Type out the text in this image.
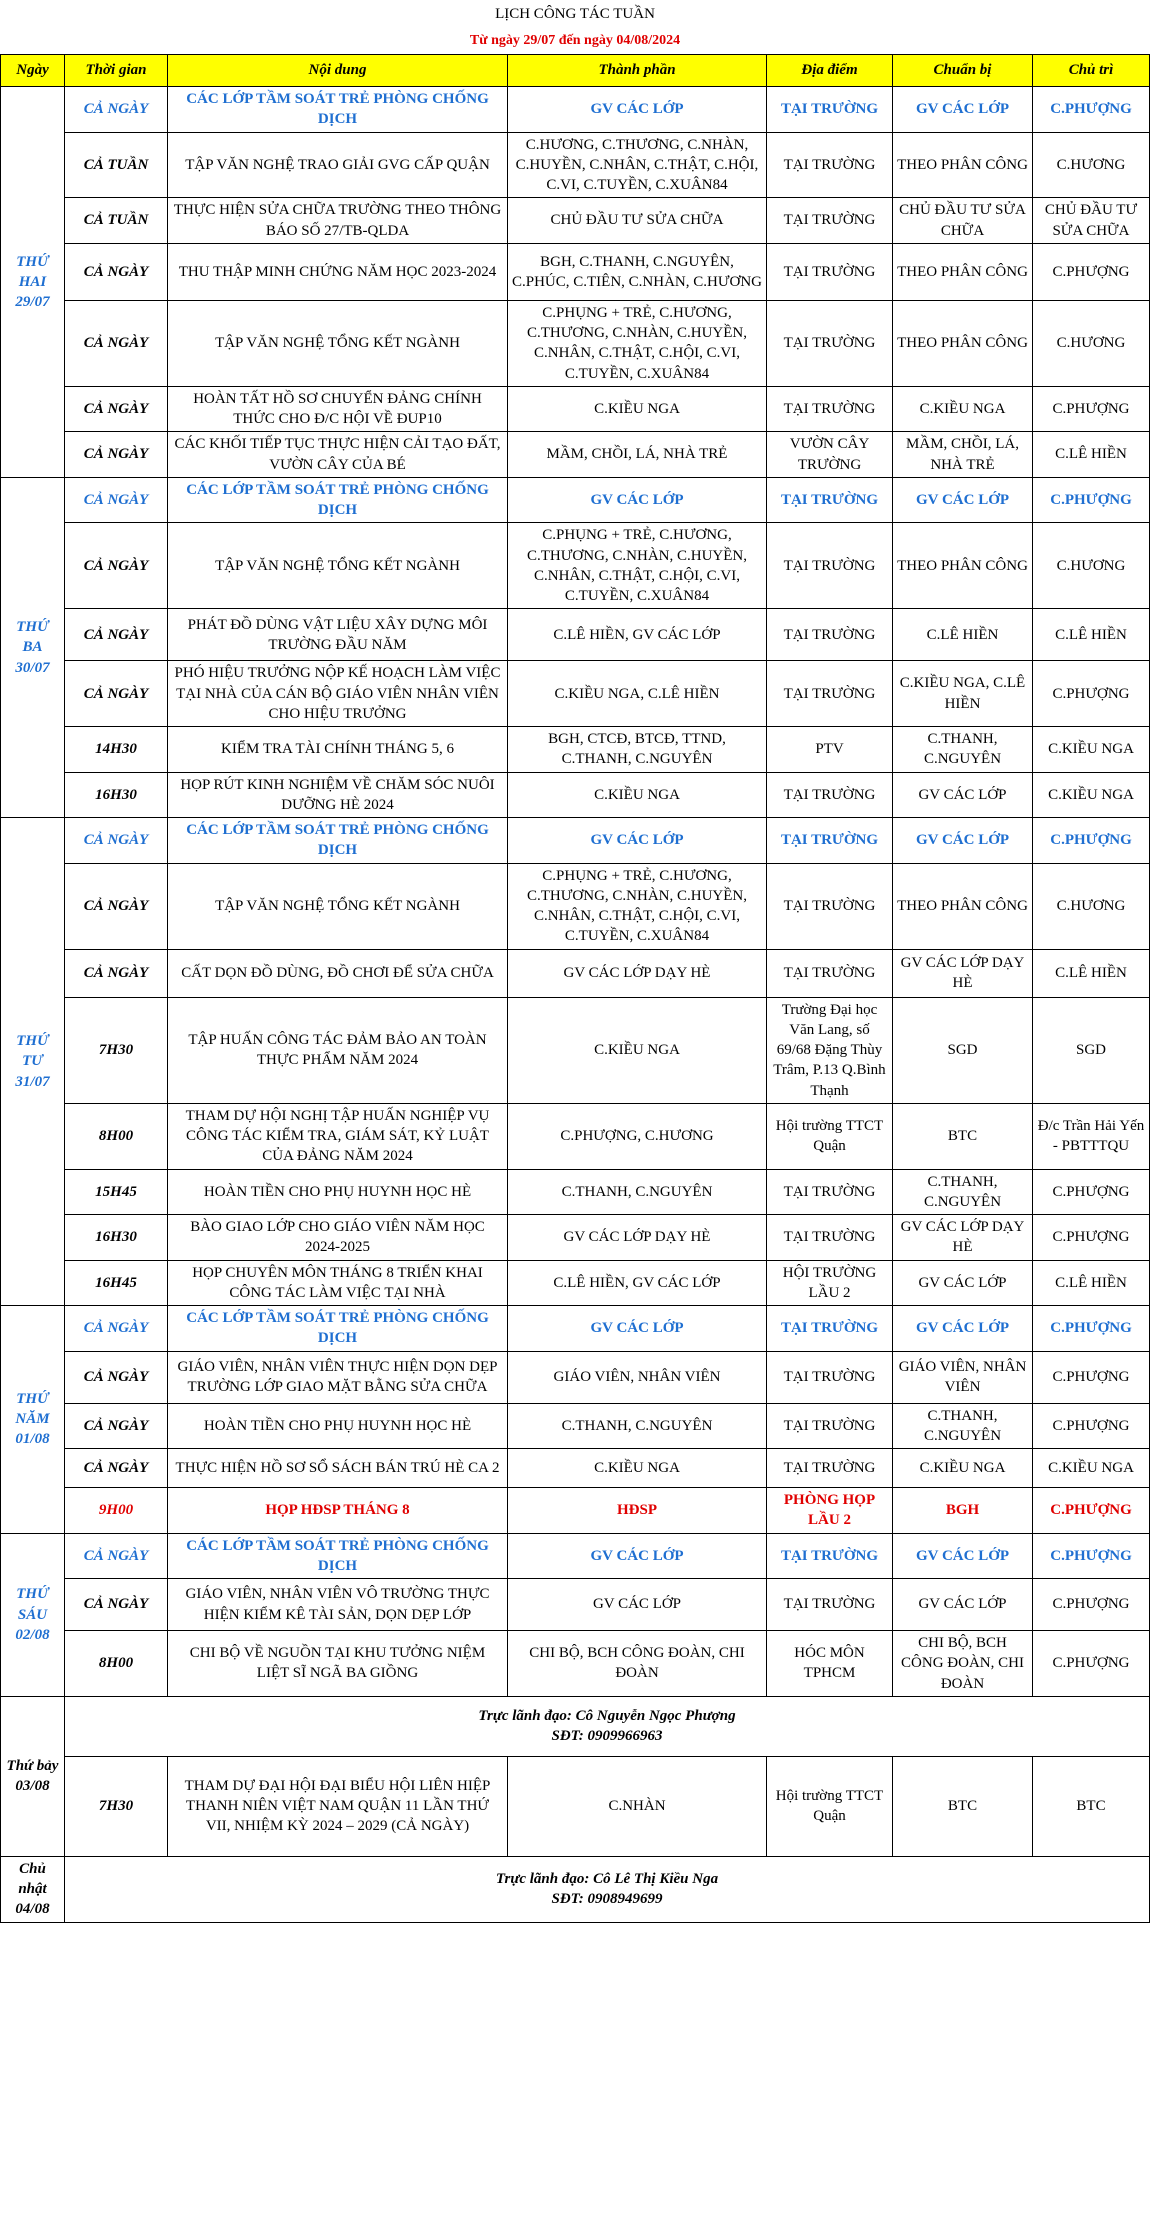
LỊCH CÔNG TÁC TUẦN
Từ ngày 29/07 đến ngày 04/08/2024
Ngày	Thời gian	Nội dung	Thành phần	Địa điểm	Chuẩn bị	Chủ trì
THỨ HAI 29/07	CẢ NGÀY	CÁC LỚP TẦM SOÁT TRẺ PHÒNG CHỐNG DỊCH	GV CÁC LỚP	TẠI TRƯỜNG	GV CÁC LỚP	C.PHƯỢNG
	CẢ TUẦN	TẬP VĂN NGHỆ TRAO GIẢI GVG CẤP QUẬN	C.HƯƠNG, C.THƯƠNG, C.NHÀN, C.HUYỀN, C.NHÂN, C.THẬT, C.HỘI, C.VI, C.TUYỀN, C.XUÂN84	TẠI TRƯỜNG	THEO PHÂN CÔNG	C.HƯƠNG
	CẢ TUẦN	THỰC HIỆN SỬA CHỮA TRƯỜNG THEO THÔNG BÁO SỐ 27/TB-QLDA	CHỦ ĐẦU TƯ SỬA CHỮA	TẠI TRƯỜNG	CHỦ ĐẦU TƯ SỬA CHỮA	CHỦ ĐẦU TƯ SỬA CHỮA
	CẢ NGÀY	THU THẬP MINH CHỨNG NĂM HỌC 2023-2024	BGH, C.THANH, C.NGUYÊN, C.PHÚC, C.TIÊN, C.NHÀN, C.HƯƠNG	TẠI TRƯỜNG	THEO PHÂN CÔNG	C.PHƯỢNG
	CẢ NGÀY	TẬP VĂN NGHỆ TỔNG KẾT NGÀNH	C.PHỤNG + TRẺ, C.HƯƠNG, C.THƯƠNG, C.NHÀN, C.HUYỀN, C.NHÂN, C.THẬT, C.HỘI, C.VI, C.TUYỀN, C.XUÂN84	TẠI TRƯỜNG	THEO PHÂN CÔNG	C.HƯƠNG
	CẢ NGÀY	HOÀN TẤT HỒ SƠ CHUYỂN ĐẢNG CHÍNH THỨC CHO Đ/C HỘI VỀ ĐUP10	C.KIỀU NGA	TẠI TRƯỜNG	C.KIỀU NGA	C.PHƯỢNG
	CẢ NGÀY	CÁC KHỐI TIẾP TỤC THỰC HIỆN CẢI TẠO ĐẤT, VƯỜN CÂY CỦA BÉ	MẦM, CHỒI, LÁ, NHÀ TRẺ	VƯỜN CÂY TRƯỜNG	MẦM, CHỒI, LÁ, NHÀ TRẺ	C.LÊ HIỀN
THỨ BA 30/07	CẢ NGÀY	CÁC LỚP TẦM SOÁT TRẺ PHÒNG CHỐNG DỊCH	GV CÁC LỚP	TẠI TRƯỜNG	GV CÁC LỚP	C.PHƯỢNG
	CẢ NGÀY	TẬP VĂN NGHỆ TỔNG KẾT NGÀNH	C.PHỤNG + TRẺ, C.HƯƠNG, C.THƯƠNG, C.NHÀN, C.HUYỀN, C.NHÂN, C.THẬT, C.HỘI, C.VI, C.TUYỀN, C.XUÂN84	TẠI TRƯỜNG	THEO PHÂN CÔNG	C.HƯƠNG
	CẢ NGÀY	PHÁT ĐỒ DÙNG VẬT LIỆU XÂY DỰNG MÔI TRƯỜNG ĐẦU NĂM	C.LÊ HIỀN, GV CÁC LỚP	TẠI TRƯỜNG	C.LÊ HIỀN	C.LÊ HIỀN
	CẢ NGÀY	PHÓ HIỆU TRƯỞNG NỘP KẾ HOẠCH LÀM VIỆC TẠI NHÀ CỦA CÁN BỘ GIÁO VIÊN NHÂN VIÊN CHO HIỆU TRƯỞNG	C.KIỀU NGA, C.LÊ HIỀN	TẠI TRƯỜNG	C.KIỀU NGA, C.LÊ HIỀN	C.PHƯỢNG
	14H30	KIỂM TRA TÀI CHÍNH THÁNG 5, 6	BGH, CTCĐ, BTCĐ, TTND, C.THANH, C.NGUYÊN	PTV	C.THANH, C.NGUYÊN	C.KIỀU NGA
	16H30	HỌP RÚT KINH NGHIỆM VỀ CHĂM SÓC NUÔI DƯỠNG HÈ 2024	C.KIỀU NGA	TẠI TRƯỜNG	GV CÁC LỚP	C.KIỀU NGA
THỨ TƯ 31/07	CẢ NGÀY	CÁC LỚP TẦM SOÁT TRẺ PHÒNG CHỐNG DỊCH	GV CÁC LỚP	TẠI TRƯỜNG	GV CÁC LỚP	C.PHƯỢNG
	CẢ NGÀY	TẬP VĂN NGHỆ TỔNG KẾT NGÀNH	C.PHỤNG + TRẺ, C.HƯƠNG, C.THƯƠNG, C.NHÀN, C.HUYỀN, C.NHÂN, C.THẬT, C.HỘI, C.VI, C.TUYỀN, C.XUÂN84	TẠI TRƯỜNG	THEO PHÂN CÔNG	C.HƯƠNG
	CẢ NGÀY	CẤT DỌN ĐỒ DÙNG, ĐỒ CHƠI ĐỂ SỬA CHỮA	GV CÁC LỚP DẠY HÈ	TẠI TRƯỜNG	GV CÁC LỚP DẠY HÈ	C.LÊ HIỀN
	7H30	TẬP HUẤN CÔNG TÁC ĐẢM BẢO AN TOÀN THỰC PHẨM NĂM 2024	C.KIỀU NGA	Trường Đại học Văn Lang, số 69/68 Đặng Thùy Trâm, P.13 Q.Bình Thạnh	SGD	SGD
	8H00	THAM DỰ HỘI NGHỊ TẬP HUẤN NGHIỆP VỤ CÔNG TÁC KIỂM TRA, GIÁM SÁT, KỶ LUẬT CỦA ĐẢNG NĂM 2024	C.PHƯỢNG, C.HƯƠNG	Hội trường TTCT Quận	BTC	Đ/c Trần Hải Yến - PBTTTQU
	15H45	HOÀN TIỀN CHO PHỤ HUYNH HỌC HÈ	C.THANH, C.NGUYÊN	TẠI TRƯỜNG	C.THANH, C.NGUYÊN	C.PHƯỢNG
	16H30	BÀO GIAO LỚP CHO GIÁO VIÊN NĂM HỌC 2024-2025	GV CÁC LỚP DẠY HÈ	TẠI TRƯỜNG	GV CÁC LỚP DẠY HÈ	C.PHƯỢNG
	16H45	HỌP CHUYÊN MÔN THÁNG 8 TRIỂN KHAI CÔNG TÁC LÀM VIỆC TẠI NHÀ	C.LÊ HIỀN, GV CÁC LỚP	HỘI TRƯỜNG LẦU 2	GV CÁC LỚP	C.LÊ HIỀN
THỨ NĂM 01/08	CẢ NGÀY	CÁC LỚP TẦM SOÁT TRẺ PHÒNG CHỐNG DỊCH	GV CÁC LỚP	TẠI TRƯỜNG	GV CÁC LỚP	C.PHƯỢNG
	CẢ NGÀY	GIÁO VIÊN, NHÂN VIÊN THỰC HIỆN DỌN DẸP TRƯỜNG LỚP GIAO MẶT BẰNG SỬA CHỮA	GIÁO VIÊN, NHÂN VIÊN	TẠI TRƯỜNG	GIÁO VIÊN, NHÂN VIÊN	C.PHƯỢNG
	CẢ NGÀY	HOÀN TIỀN CHO PHỤ HUYNH HỌC HÈ	C.THANH, C.NGUYÊN	TẠI TRƯỜNG	C.THANH, C.NGUYÊN	C.PHƯỢNG
	CẢ NGÀY	THỰC HIỆN HỒ SƠ SỔ SÁCH BÁN TRÚ HÈ CA 2	C.KIỀU NGA	TẠI TRƯỜNG	C.KIỀU NGA	C.KIỀU NGA
	9H00	HỌP HĐSP THÁNG 8	HĐSP	PHÒNG HỌP LẦU 2	BGH	C.PHƯỢNG
THỨ SÁU 02/08	CẢ NGÀY	CÁC LỚP TẦM SOÁT TRẺ PHÒNG CHỐNG DỊCH	GV CÁC LỚP	TẠI TRƯỜNG	GV CÁC LỚP	C.PHƯỢNG
	CẢ NGÀY	GIÁO VIÊN, NHÂN VIÊN VÔ TRƯỜNG THỰC HIỆN KIỂM KÊ TÀI SẢN, DỌN DẸP LỚP	GV CÁC LỚP	TẠI TRƯỜNG	GV CÁC LỚP	C.PHƯỢNG
	8H00	CHI BỘ VỀ NGUỒN TẠI KHU TƯỞNG NIỆM LIỆT SĨ NGÃ BA GIỒNG	CHI BỘ, BCH CÔNG ĐOÀN, CHI ĐOÀN	HÓC MÔN TPHCM	CHI BỘ, BCH CÔNG ĐOÀN, CHI ĐOÀN	C.PHƯỢNG
Thứ bảy 03/08	Trực lãnh đạo: Cô Nguyễn Ngọc Phượng
SĐT: 0909966963					

	7H30	THAM DỰ ĐẠI HỘI ĐẠI BIỂU HỘI LIÊN HIỆP THANH NIÊN VIỆT NAM QUẬN 11 LẦN THỨ VII, NHIỆM KỲ 2024 – 2029 (CẢ NGÀY)	C.NHÀN	Hội trường TTCT Quận	BTC	BTC
Chủ nhật 04/08	Trực lãnh đạo: Cô Lê Thị Kiều Nga
SĐT: 0908949699					
